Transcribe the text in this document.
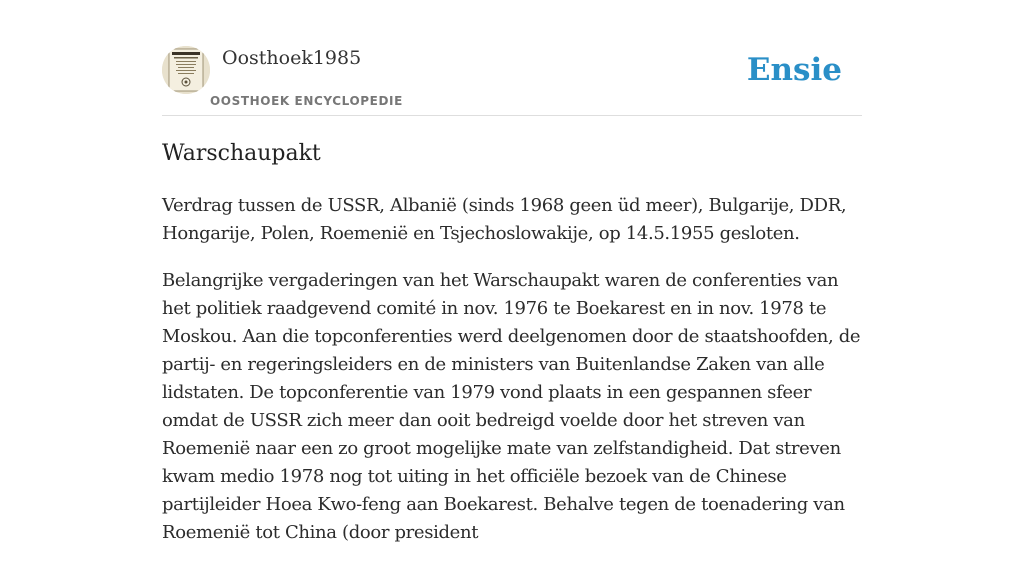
Oosthoek1985
OOSTHOEK ENCYCLOPEDIE
Ensie
Warschaupakt

Verdrag tussen de USSR, Albanië (sinds 1968 geen üd meer), Bulgarije, DDR, Hongarije, Polen, Roemenië en Tsjechoslowakije, op 14.5.1955 gesloten.

Belangrijke vergaderingen van het Warschaupakt waren de conferenties van het politiek raadgevend comité in nov. 1976 te Boekarest en in nov. 1978 te Moskou. Aan die topconferenties werd deelgenomen door de staatshoofden, de partij- en regeringsleiders en de ministers van Buitenlandse Zaken van alle lidstaten. De topconferentie van 1979 vond plaats in een gespannen sfeer omdat de USSR zich meer dan ooit bedreigd voelde door het streven van Roemenië naar een zo groot mogelijke mate van zelfstandigheid. Dat streven kwam medio 1978 nog tot uiting in het officiële bezoek van de Chinese partijleider Hoea Kwo-feng aan Boekarest. Behalve tegen de toenadering van Roemenië tot China (door president
